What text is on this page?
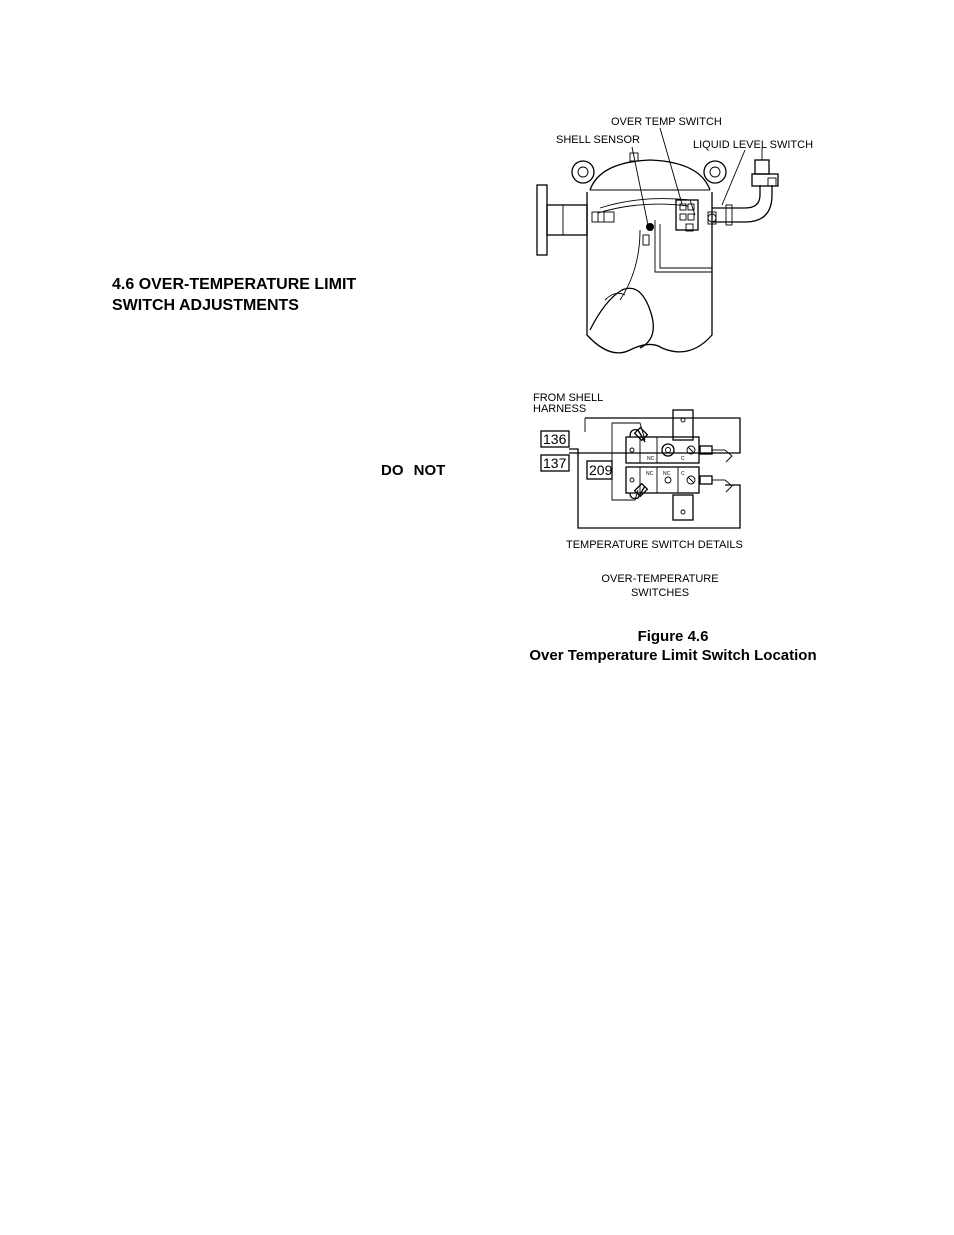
4.6 OVER-TEMPERATURE LIMIT
SWITCH ADJUSTMENTS
DO NOT
OVER TEMP SWITCH
SHELL SENSOR	LIQUID LEVEL SWITCH
FROM SHELL
HARNESS
136
137 209
NC	C
NC NC C
TEMPERATURE SWITCH DETAILS
OVER-TEMPERATURE
SWITCHES
Figure 4.6
Over Temperature Limit Switch Location
